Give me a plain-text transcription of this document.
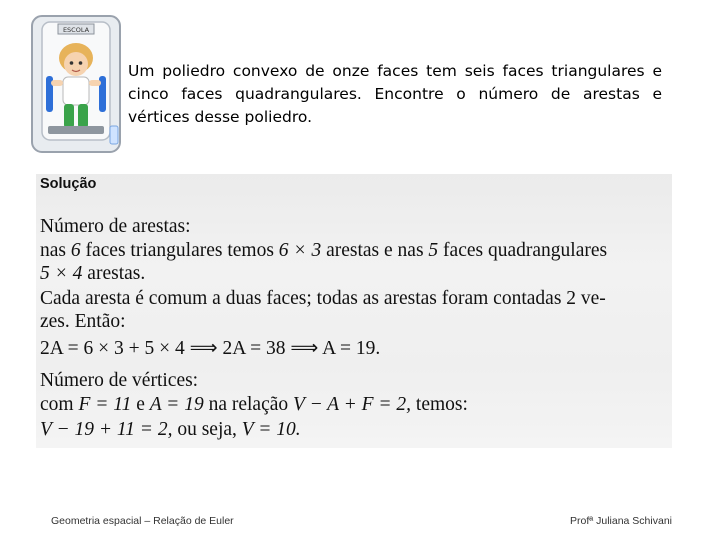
ESCOLA
Um poliedro convexo de onze faces tem seis faces triangulares e cinco faces quadrangulares. Encontre o número de arestas e vértices desse poliedro.

Solução
Número de arestas:
nas 6 faces triangulares temos 6 × 3 arestas e nas 5 faces quadrangulares
5 × 4 arestas.
Cada aresta é comum a duas faces; todas as arestas foram contadas 2 ve-
zes. Então:
2A = 6 × 3 + 5 × 4 ⟹ 2A = 38 ⟹ A = 19.
Número de vértices:
com F = 11 e A = 19 na relação V − A + F = 2, temos:
V − 19 + 11 = 2, ou seja, V = 10.
Geometria espacial – Relação de Euler	Profª Juliana Schivani
